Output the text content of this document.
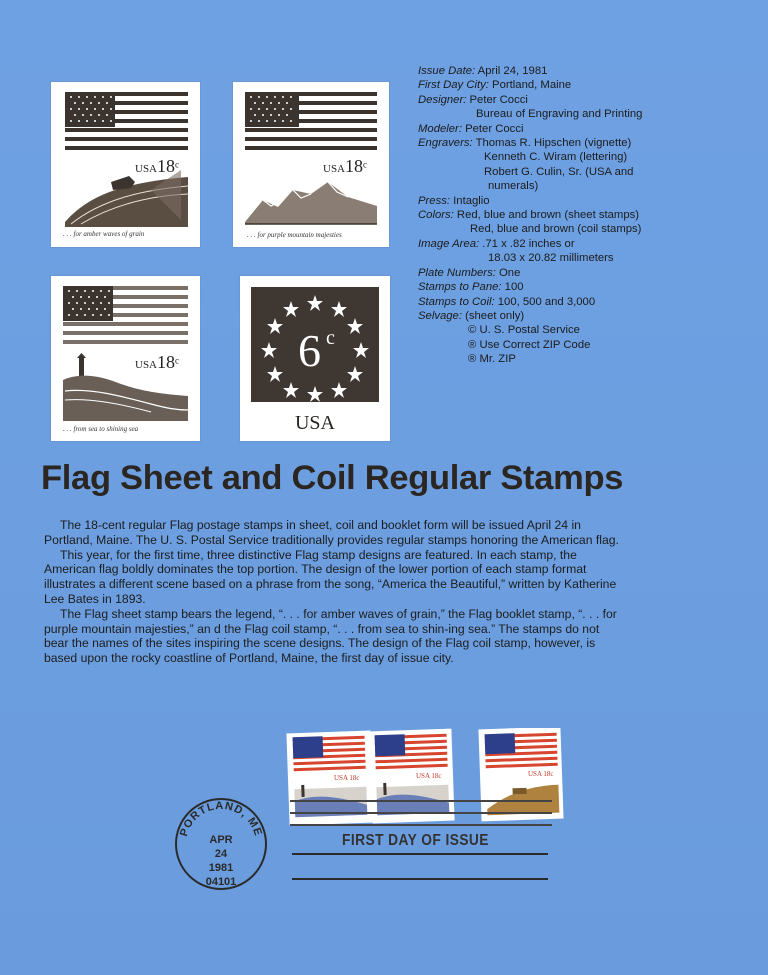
USA18$^c$
. . . for amber waves of grain
USA18$^c$
. . . for purple mountain majesties
USA18$^c$
. . . from sea to shining sea
6 c
USA
Issue Date: April 24, 1981
First Day City: Portland, Maine
Designer: Peter Cocci
Bureau of Engraving and Printing
Modeler: Peter Cocci
Engravers: Thomas R. Hipschen (vignette)
Kenneth C. Wiram (lettering)
Robert G. Culin, Sr. (USA and
numerals)
Press: Intaglio
Colors: Red, blue and brown (sheet stamps)
Red, blue and brown (coil stamps)
Image Area: .71 x .82 inches or
18.03 x 20.82 millimeters
Plate Numbers: One
Stamps to Pane: 100
Stamps to Coil: 100, 500 and 3,000
Selvage: (sheet only)
© U. S. Postal Service
® Use Correct ZIP Code
® Mr. ZIP
Flag Sheet and Coil Regular Stamps

The 18-cent regular Flag postage stamps in sheet, coil and booklet form will be issued April 24 in Portland, Maine. The U. S. Postal Service traditionally provides regular stamps honoring the American flag.

This year, for the first time, three distinctive Flag stamp designs are featured. In each stamp, the American flag boldly dominates the top portion. The design of the lower portion of each stamp format illustrates a different scene based on a phrase from the song, “America the Beautiful,” written by Katherine Lee Bates in 1893.

The Flag sheet stamp bears the legend, “. . . for amber waves of grain,” the Flag booklet stamp, “. . . for purple mountain majesties,” an d the Flag coil stamp, “. . . from sea to shin-ing sea.” The stamps do not bear the names of the sites inspiring the scene designs. The design of the Flag coil stamp, however, is based upon the rocky coastline of Portland, Maine, the first day of issue city.

USA 18c	USA 18c	USA 18c
PORTLAND, ME
APR
24
1981
04101
FIRST DAY OF ISSUE
